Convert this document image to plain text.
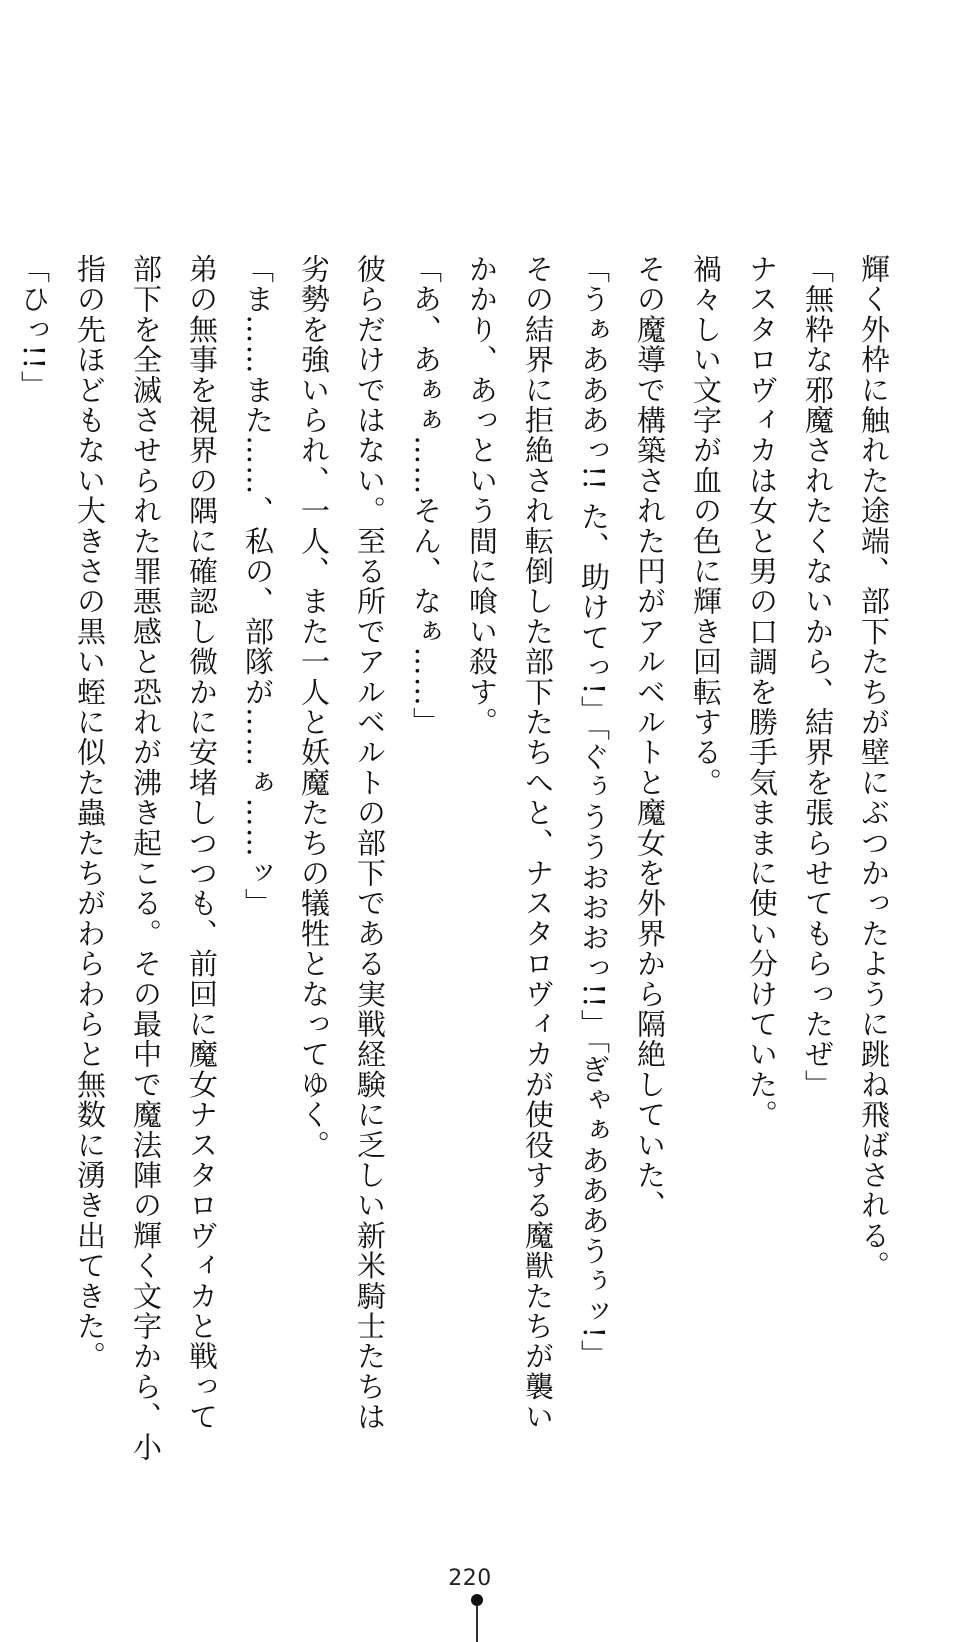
輝く外枠に触れた途端、部下たちが壁にぶつかったように跳ね飛ばされる。

「無粋な邪魔されたくないから、結界を張らせてもらったぜ」

ナスタロヴィカは女と男の口調を勝手気ままに使い分けていた。

禍々しい文字が血の色に輝き回転する。

その魔導で構築された円がアルベルトと魔女を外界から隔絶していた、

「うぁあああっ!! た、助けてっ!」「ぐぅううおおおっ!!」「ぎゃぁあああうぅッ!」

その結界に拒絶され転倒した部下たちへと、ナスタロヴィカが使役する魔獣たちが襲い

かかり、あっという間に喰い殺す。

「あ、あぁぁ……そん、なぁ……」

彼らだけではない。至る所でアルベルトの部下である実戦経験に乏しい新米騎士たちは

劣勢を強いられ、一人、また一人と妖魔たちの犠牲となってゆく。

「ま……また……、私の、部隊が……ぁ……ッ」

弟の無事を視界の隅に確認し微かに安堵しつつも、前回に魔女ナスタロヴィカと戦って

部下を全滅させられた罪悪感と恐れが沸き起こる。その最中で魔法陣の輝く文字から、小

指の先ほどもない大きさの黒い蛭に似た蟲たちがわらわらと無数に湧き出てきた。

「ひっ!!」

220
